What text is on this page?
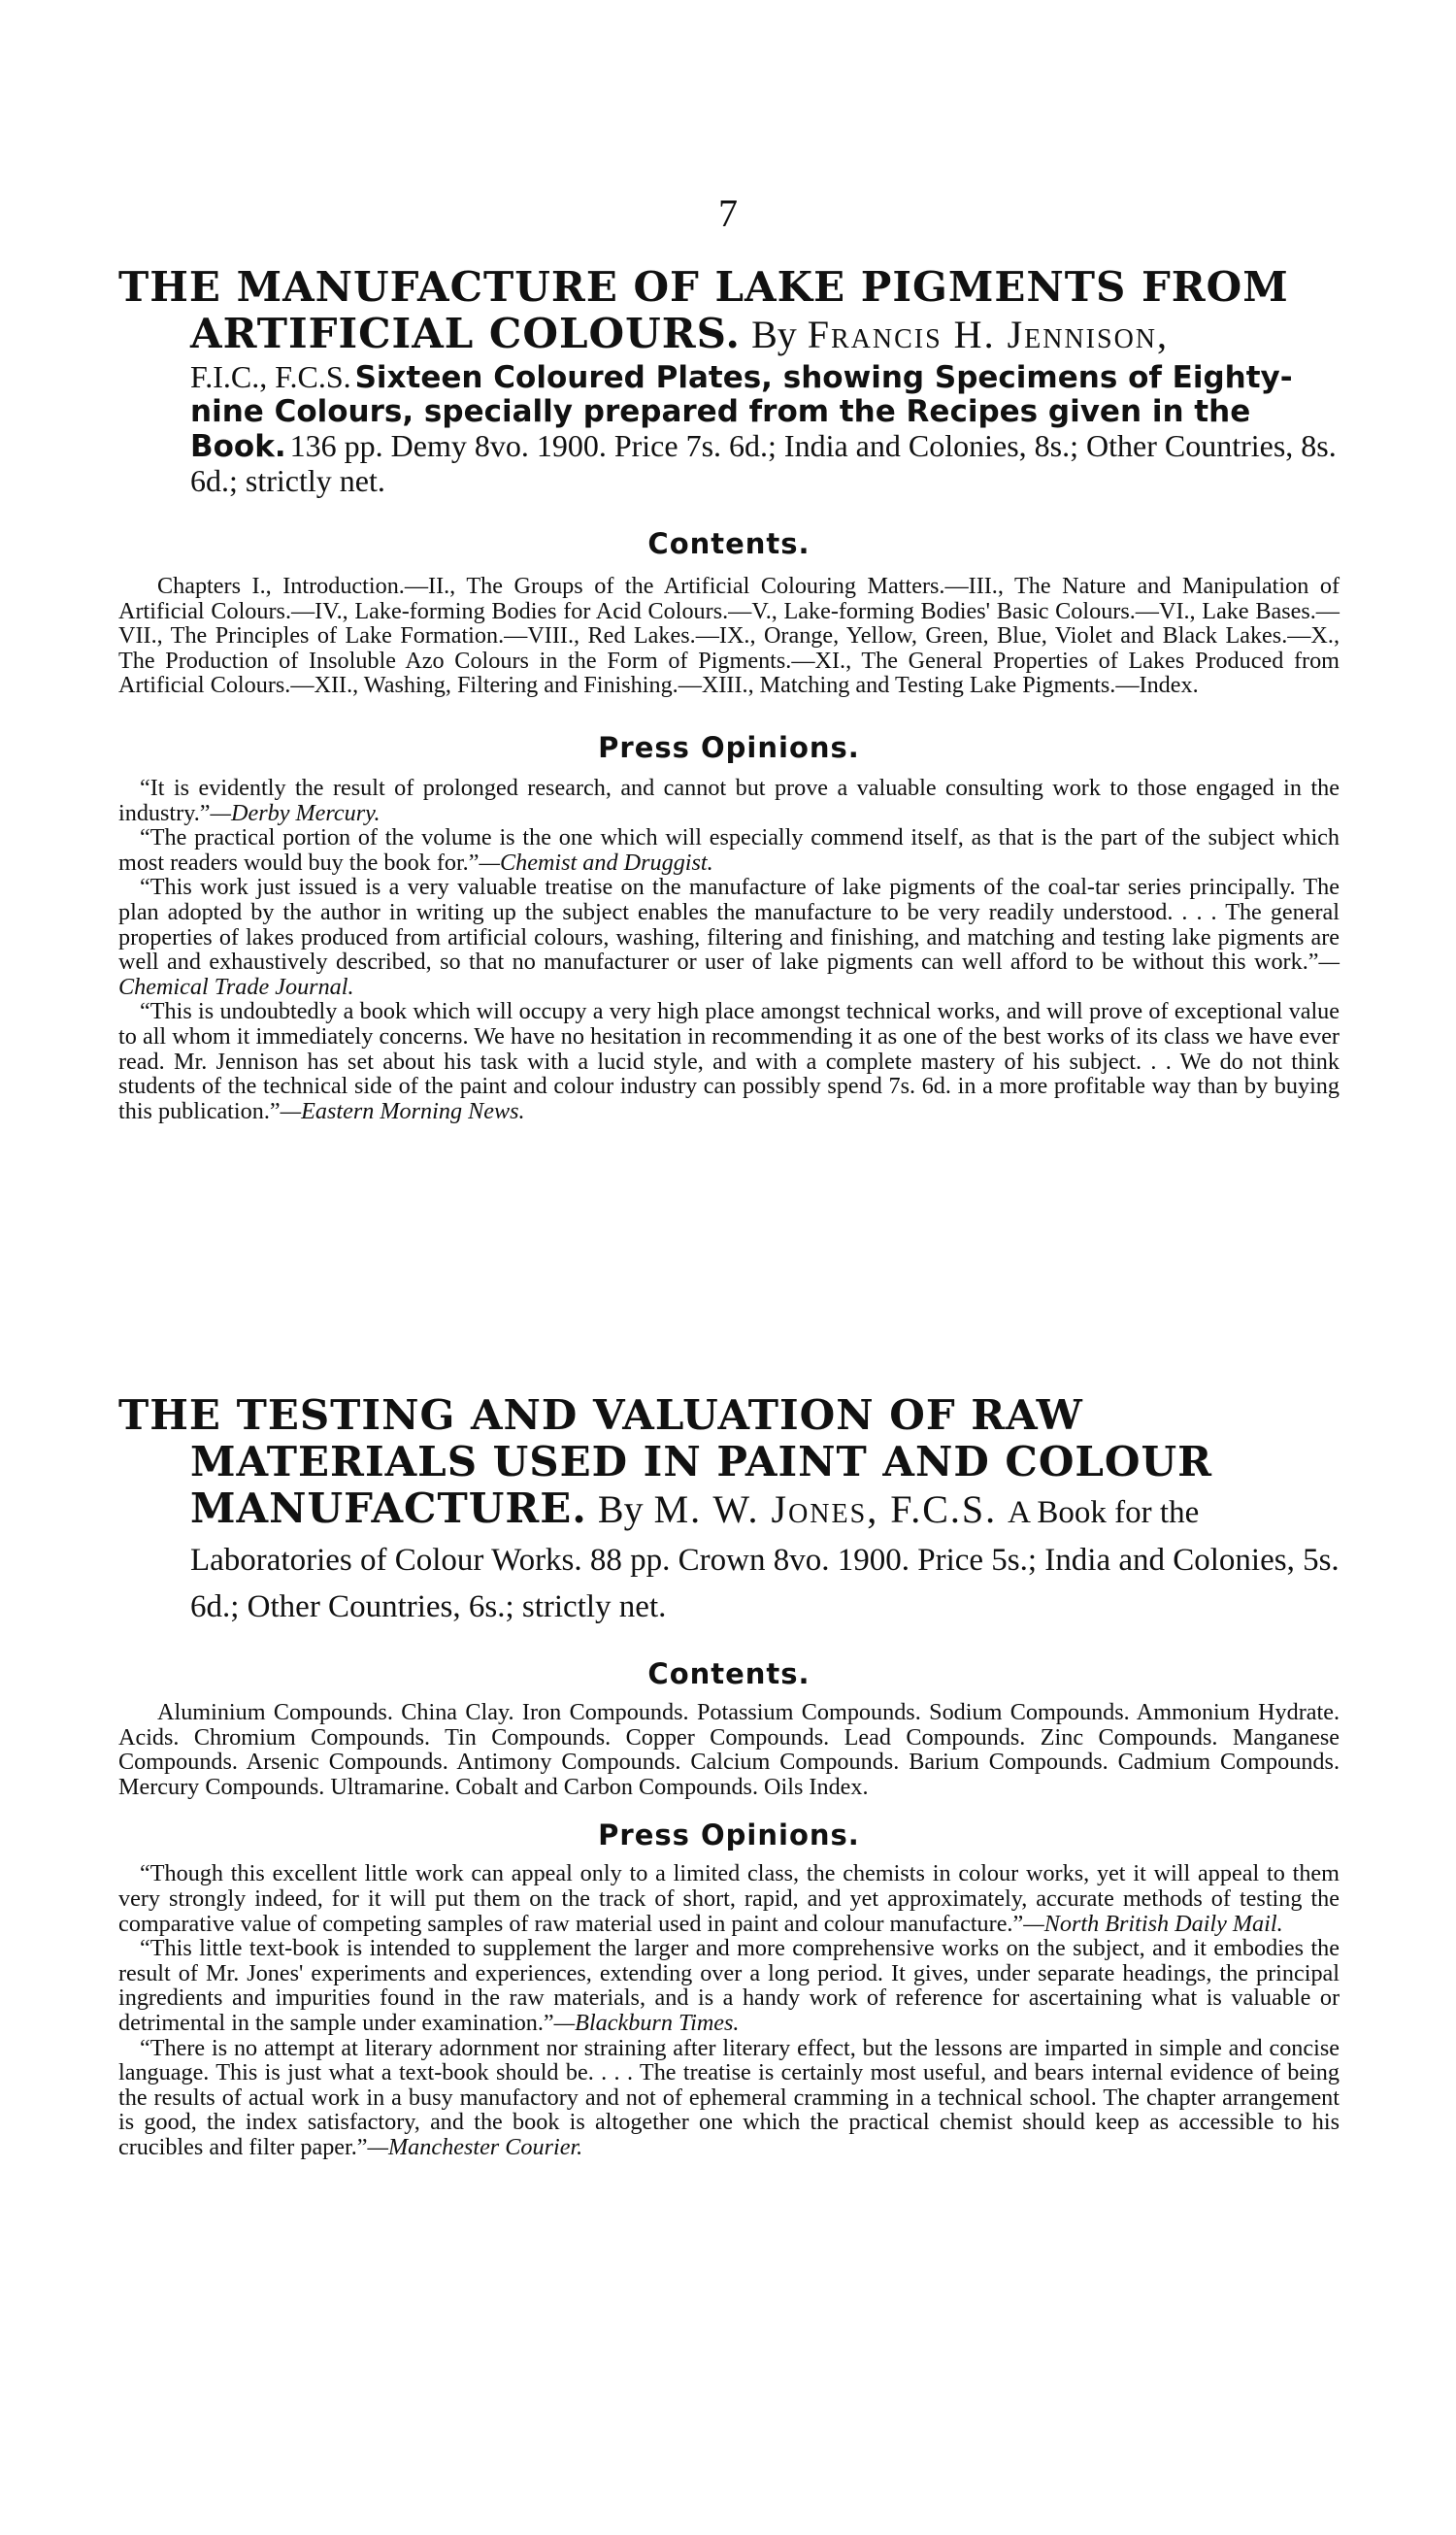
7
THE MANUFACTURE OF LAKE PIGMENTS FROM ARTIFICIAL COLOURS. By Francis H. Jennison,
F.I.C., F.C.S. Sixteen Coloured Plates, showing Specimens of Eighty-nine Colours, specially prepared from the Recipes given in the Book. 136 pp. Demy 8vo. 1900. Price 7s. 6d.; India and Colonies, 8s.; Other Countries, 8s. 6d.; strictly net.
Contents.
Chapters I., Introduction.—II., The Groups of the Artificial Colouring Matters.—III., The Nature and Manipulation of Artificial Colours.—IV., Lake-forming Bodies for Acid Colours.—V., Lake-forming Bodies' Basic Colours.—VI., Lake Bases.—VII., The Principles of Lake Formation.—VIII., Red Lakes.—IX., Orange, Yellow, Green, Blue, Violet and Black Lakes.—X., The Production of Insoluble Azo Colours in the Form of Pigments.—XI., The General Properties of Lakes Produced from Artificial Colours.—XII., Washing, Filtering and Finishing.—XIII., Matching and Testing Lake Pigments.—Index.
Press Opinions.

“It is evidently the result of prolonged research, and cannot but prove a valuable consulting work to those engaged in the industry.”—Derby Mercury.

“The practical portion of the volume is the one which will especially commend itself, as that is the part of the subject which most readers would buy the book for.”—Chemist and Druggist.

“This work just issued is a very valuable treatise on the manufacture of lake pigments of the coal-tar series principally. The plan adopted by the author in writing up the subject enables the manufacture to be very readily understood. . . . The general properties of lakes produced from artificial colours, washing, filtering and finishing, and matching and testing lake pigments are well and exhaustively described, so that no manufacturer or user of lake pigments can well afford to be without this work.”—Chemical Trade Journal.

“This is undoubtedly a book which will occupy a very high place amongst technical works, and will prove of exceptional value to all whom it immediately concerns. We have no hesitation in recommending it as one of the best works of its class we have ever read. Mr. Jennison has set about his task with a lucid style, and with a complete mastery of his subject. . . We do not think students of the technical side of the paint and colour industry can possibly spend 7s. 6d. in a more profitable way than by buying this publication.”—Eastern Morning News.

THE TESTING AND VALUATION OF RAW MATERIALS USED IN PAINT AND COLOUR MANUFACTURE. By M. W. Jones, F.C.S. A Book for the Laboratories of Colour Works. 88 pp. Crown 8vo. 1900. Price 5s.; India and Colonies, 5s. 6d.; Other Countries, 6s.; strictly net.
Contents.
Aluminium Compounds. China Clay. Iron Compounds. Potassium Compounds. Sodium Compounds. Ammonium Hydrate. Acids. Chromium Compounds. Tin Compounds. Copper Compounds. Lead Compounds. Zinc Compounds. Manganese Compounds. Arsenic Compounds. Antimony Compounds. Calcium Compounds. Barium Compounds. Cadmium Compounds. Mercury Compounds. Ultramarine. Cobalt and Carbon Compounds. Oils Index.
Press Opinions.

“Though this excellent little work can appeal only to a limited class, the chemists in colour works, yet it will appeal to them very strongly indeed, for it will put them on the track of short, rapid, and yet approximately, accurate methods of testing the comparative value of competing samples of raw material used in paint and colour manufacture.”—North British Daily Mail.

“This little text-book is intended to supplement the larger and more comprehensive works on the subject, and it embodies the result of Mr. Jones' experiments and experiences, extending over a long period. It gives, under separate headings, the principal ingredients and impurities found in the raw materials, and is a handy work of reference for ascertaining what is valuable or detrimental in the sample under examination.”—Blackburn Times.

“There is no attempt at literary adornment nor straining after literary effect, but the lessons are imparted in simple and concise language. This is just what a text-book should be. . . . The treatise is certainly most useful, and bears internal evidence of being the results of actual work in a busy manufactory and not of ephemeral cramming in a technical school. The chapter arrangement is good, the index satisfactory, and the book is altogether one which the practical chemist should keep as accessible to his crucibles and filter paper.”—Manchester Courier.
